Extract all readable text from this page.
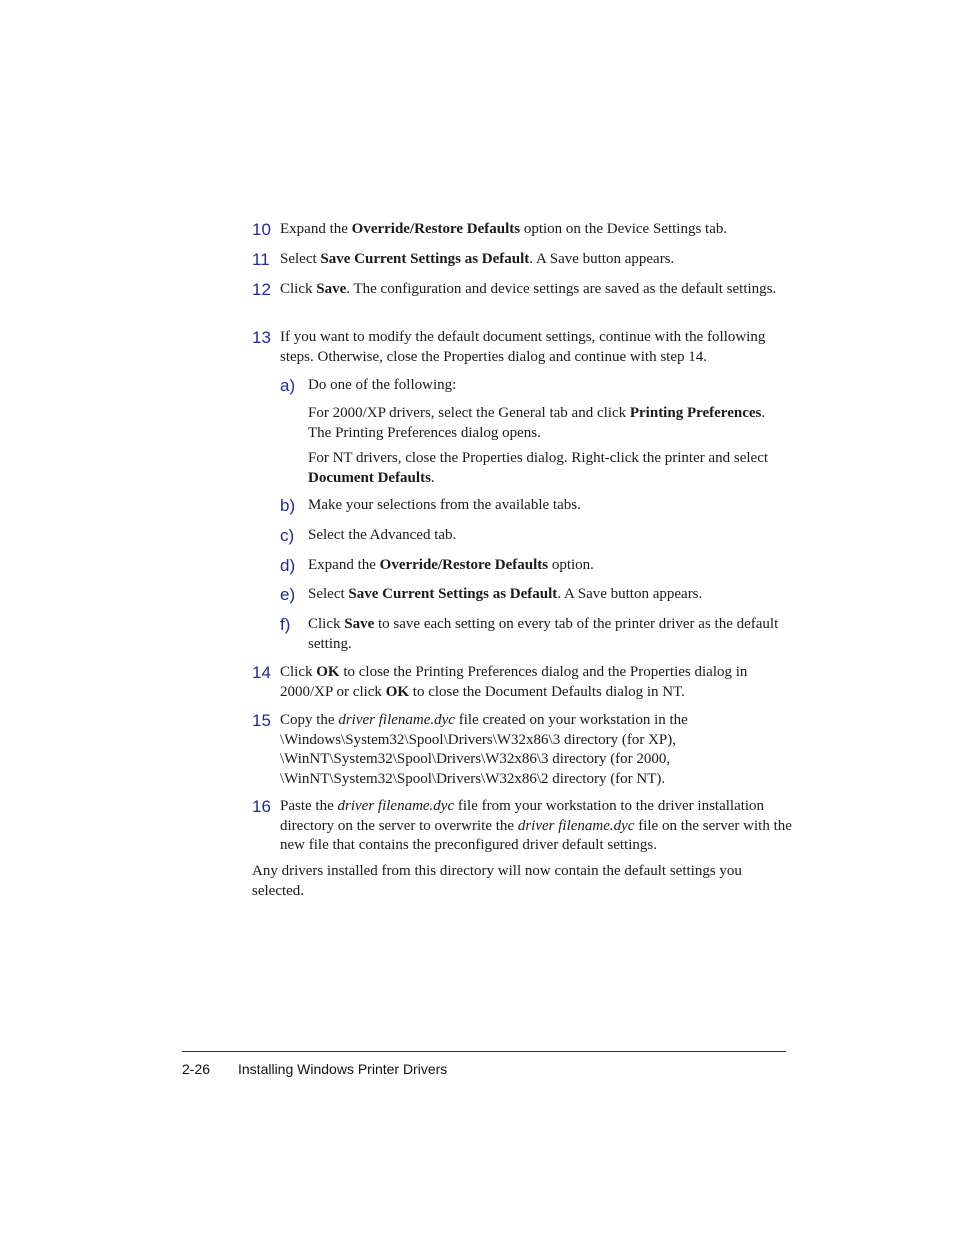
10 Expand the Override/Restore Defaults option on the Device Settings tab.
11 Select Save Current Settings as Default. A Save button appears.
12 Click Save. The configuration and device settings are saved as the default settings.
13 If you want to modify the default document settings, continue with the following steps. Otherwise, close the Properties dialog and continue with step 14.
a) Do one of the following:
For 2000/XP drivers, select the General tab and click Printing Preferences. The Printing Preferences dialog opens.
For NT drivers, close the Properties dialog. Right-click the printer and select Document Defaults.
b) Make your selections from the available tabs.
c) Select the Advanced tab.
d) Expand the Override/Restore Defaults option.
e) Select Save Current Settings as Default. A Save button appears.
f)	Click Save to save each setting on every tab of the printer driver as the default setting.
14 Click OK to close the Printing Preferences dialog and the Properties dialog in 2000/XP or click OK to close the Document Defaults dialog in NT.
15 Copy the driver filename.dyc file created on your workstation in the \Windows\System32\Spool\Drivers\W32x86\3 directory (for XP), \WinNT\System32\Spool\Drivers\W32x86\3 directory (for 2000, \WinNT\System32\Spool\Drivers\W32x86\2 directory (for NT).
16 Paste the driver filename.dyc file from your workstation to the driver installation directory on the server to overwrite the driver filename.dyc file on the server with the new file that contains the preconfigured driver default settings.
Any drivers installed from this directory will now contain the default settings you selected.
2-26 Installing Windows Printer Drivers
